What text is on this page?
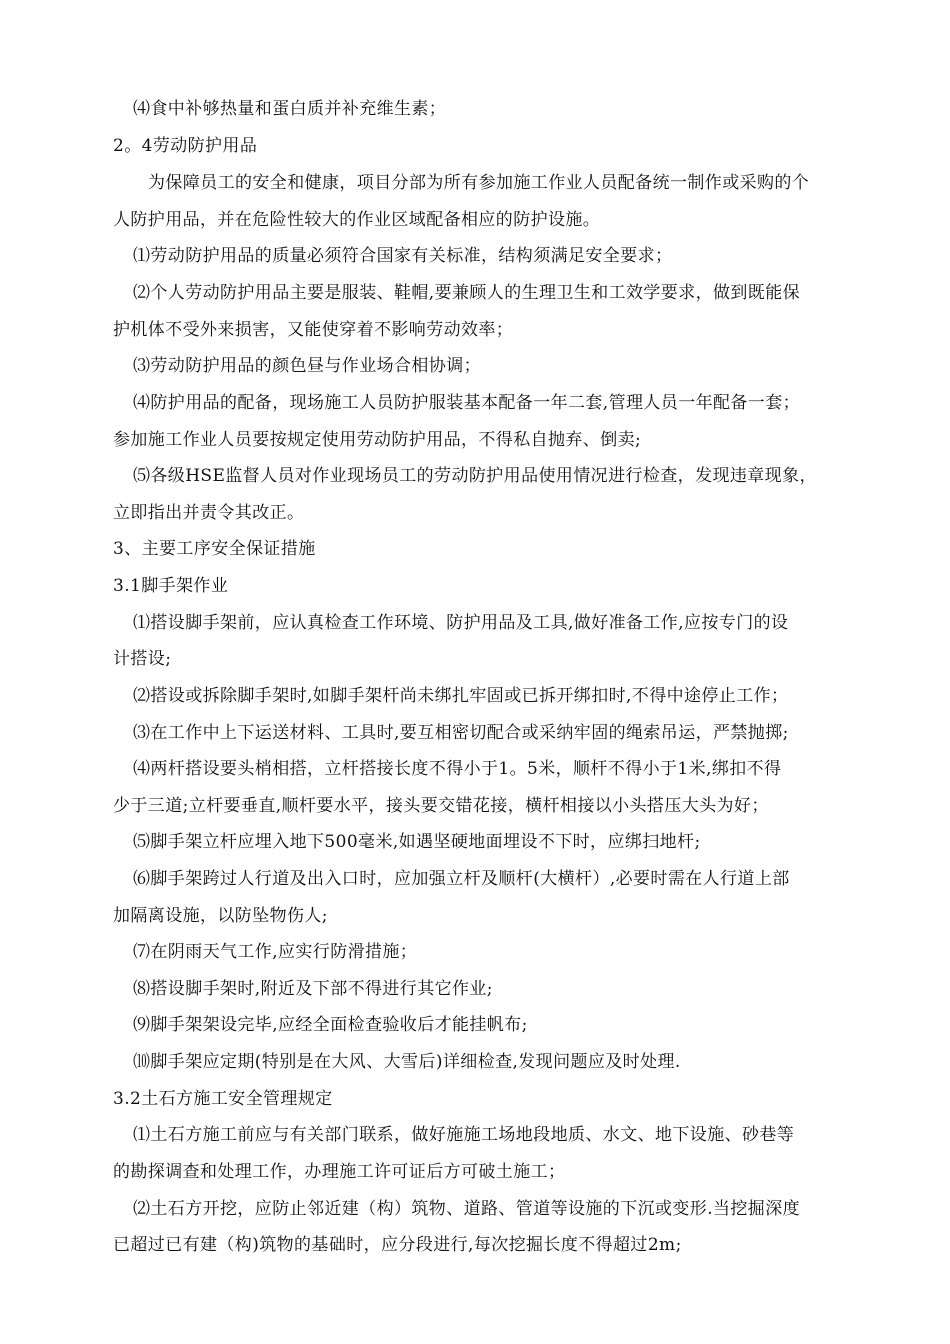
⑷食中补够热量和蛋白质并补充维生素；
2。4劳动防护用品
为保障员工的安全和健康，项目分部为所有参加施工作业人员配备统一制作或采购的个
人防护用品，并在危险性较大的作业区域配备相应的防护设施。
⑴劳动防护用品的质量必须符合国家有关标准，结构须满足安全要求；
⑵个人劳动防护用品主要是服装、鞋帽,要兼顾人的生理卫生和工效学要求，做到既能保
护机体不受外来损害，又能使穿着不影响劳动效率；
⑶劳动防护用品的颜色昼与作业场合相协调；
⑷防护用品的配备，现场施工人员防护服装基本配备一年二套,管理人员一年配备一套；
参加施工作业人员要按规定使用劳动防护用品，不得私自抛弃、倒卖;
⑸各级HSE监督人员对作业现场员工的劳动防护用品使用情况进行检查，发现违章现象，
立即指出并责令其改正。
3、主要工序安全保证措施
3.1脚手架作业
⑴搭设脚手架前，应认真检查工作环境、防护用品及工具,做好准备工作,应按专门的设
计搭设;
⑵搭设或拆除脚手架时,如脚手架杆尚未绑扎牢固或已拆开绑扣时,不得中途停止工作；
⑶在工作中上下运送材料、工具时,要互相密切配合或采纳牢固的绳索吊运，严禁抛掷;
⑷两杆搭设要头梢相搭，立杆搭接长度不得小于1。5米，顺杆不得小于1米,绑扣不得
少于三道;立杆要垂直,顺杆要水平，接头要交错花接，横杆相接以小头搭压大头为好；
⑸脚手架立杆应埋入地下500毫米,如遇坚硬地面埋设不下时，应绑扫地杆;
⑹脚手架跨过人行道及出入口时，应加强立杆及顺杆(大横杆）,必要时需在人行道上部
加隔离设施，以防坠物伤人;
⑺在阴雨天气工作,应实行防滑措施；
⑻搭设脚手架时,附近及下部不得进行其它作业;
⑼脚手架架设完毕,应经全面检查验收后才能挂帆布;
⑽脚手架应定期(特别是在大风、大雪后)详细检查,发现问题应及时处理.
3.2土石方施工安全管理规定
⑴土石方施工前应与有关部门联系，做好施施工场地段地质、水文、地下设施、砂巷等
的勘探调查和处理工作，办理施工许可证后方可破土施工；
⑵土石方开挖，应防止邻近建（构）筑物、道路、管道等设施的下沉或变形.当挖掘深度
已超过已有建（构)筑物的基础时，应分段进行,每次挖掘长度不得超过2m;
